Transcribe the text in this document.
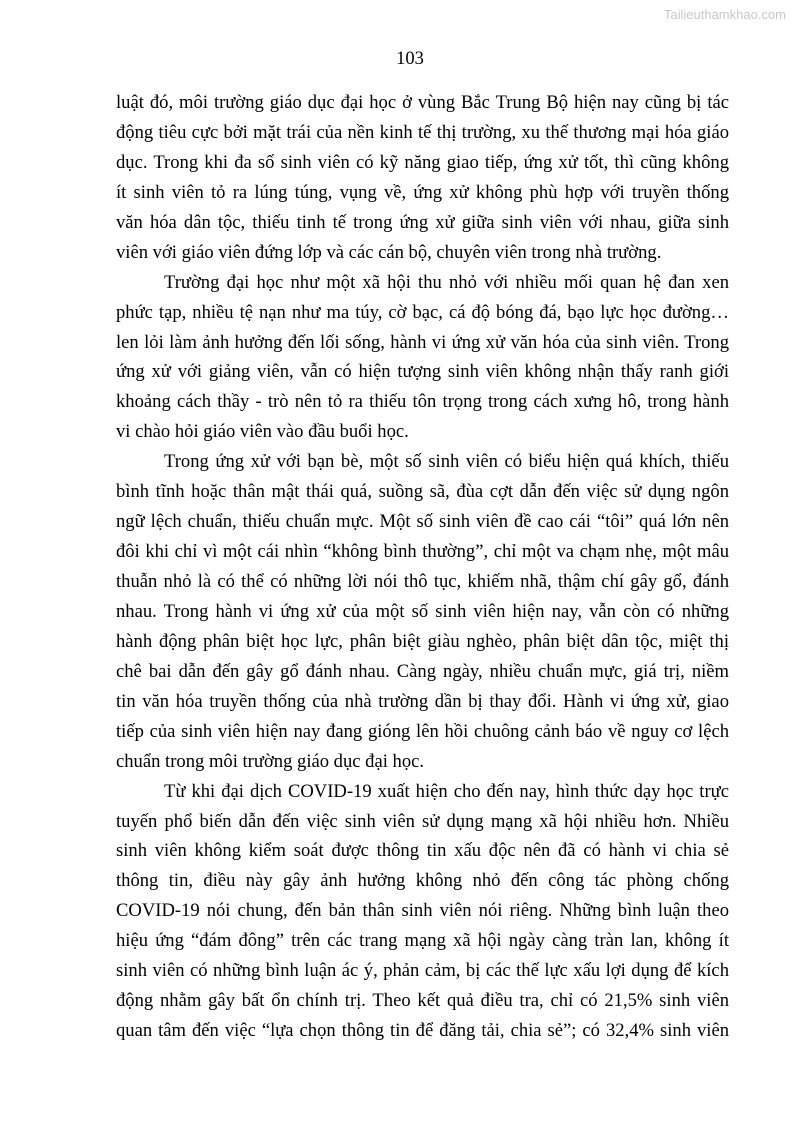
Tailieuthamkhao.com
103
luật đó, môi trường giáo dục đại học ở vùng Bắc Trung Bộ hiện nay cũng bị tác
động tiêu cực bởi mặt trái của nền kinh tế thị trường, xu thế thương mại hóa giáo
dục. Trong khi đa số sinh viên có kỹ năng giao tiếp, ứng xử tốt, thì cũng không
ít sinh viên tỏ ra lúng túng, vụng về, ứng xử không phù hợp với truyền thống
văn hóa dân tộc, thiếu tinh tế trong ứng xử giữa sinh viên với nhau, giữa sinh
viên với giáo viên đứng lớp và các cán bộ, chuyên viên trong nhà trường.
Trường đại học như một xã hội thu nhỏ với nhiều mối quan hệ đan xen
phức tạp, nhiều tệ nạn như ma túy, cờ bạc, cá độ bóng đá, bạo lực học đường…
len lỏi làm ảnh hưởng đến lối sống, hành vi ứng xử văn hóa của sinh viên. Trong
ứng xử với giảng viên, vẫn có hiện tượng sinh viên không nhận thấy ranh giới
khoảng cách thầy - trò nên tỏ ra thiếu tôn trọng trong cách xưng hô, trong hành
vi chào hỏi giáo viên vào đầu buổi học.
Trong ứng xử với bạn bè, một số sinh viên có biểu hiện quá khích, thiếu
bình tĩnh hoặc thân mật thái quá, suồng sã, đùa cợt dẫn đến việc sử dụng ngôn
ngữ lệch chuẩn, thiếu chuẩn mực. Một số sinh viên đề cao cái “tôi” quá lớn nên
đôi khi chỉ vì một cái nhìn “không bình thường”, chỉ một va chạm nhẹ, một mâu
thuẫn nhỏ là có thể có những lời nói thô tục, khiếm nhã, thậm chí gây gổ, đánh
nhau. Trong hành vi ứng xử của một số sinh viên hiện nay, vẫn còn có những
hành động phân biệt học lực, phân biệt giàu nghèo, phân biệt dân tộc, miệt thị
chê bai dẫn đến gây gổ đánh nhau. Càng ngày, nhiều chuẩn mực, giá trị, niềm
tin văn hóa truyền thống của nhà trường dần bị thay đổi. Hành vi ứng xử, giao
tiếp của sinh viên hiện nay đang gióng lên hồi chuông cảnh báo về nguy cơ lệch
chuẩn trong môi trường giáo dục đại học.
Từ khi đại dịch COVID-19 xuất hiện cho đến nay, hình thức dạy học trực
tuyến phổ biến dẫn đến việc sinh viên sử dụng mạng xã hội nhiều hơn. Nhiều
sinh viên không kiểm soát được thông tin xấu độc nên đã có hành vi chia sẻ
thông tin, điều này gây ảnh hưởng không nhỏ đến công tác phòng chống
COVID-19 nói chung, đến bản thân sinh viên nói riêng. Những bình luận theo
hiệu ứng “đám đông” trên các trang mạng xã hội ngày càng tràn lan, không ít
sinh viên có những bình luận ác ý, phản cảm, bị các thế lực xấu lợi dụng để kích
động nhằm gây bất ổn chính trị. Theo kết quả điều tra, chỉ có 21,5% sinh viên
quan tâm đến việc “lựa chọn thông tin để đăng tải, chia sẻ”; có 32,4% sinh viên
